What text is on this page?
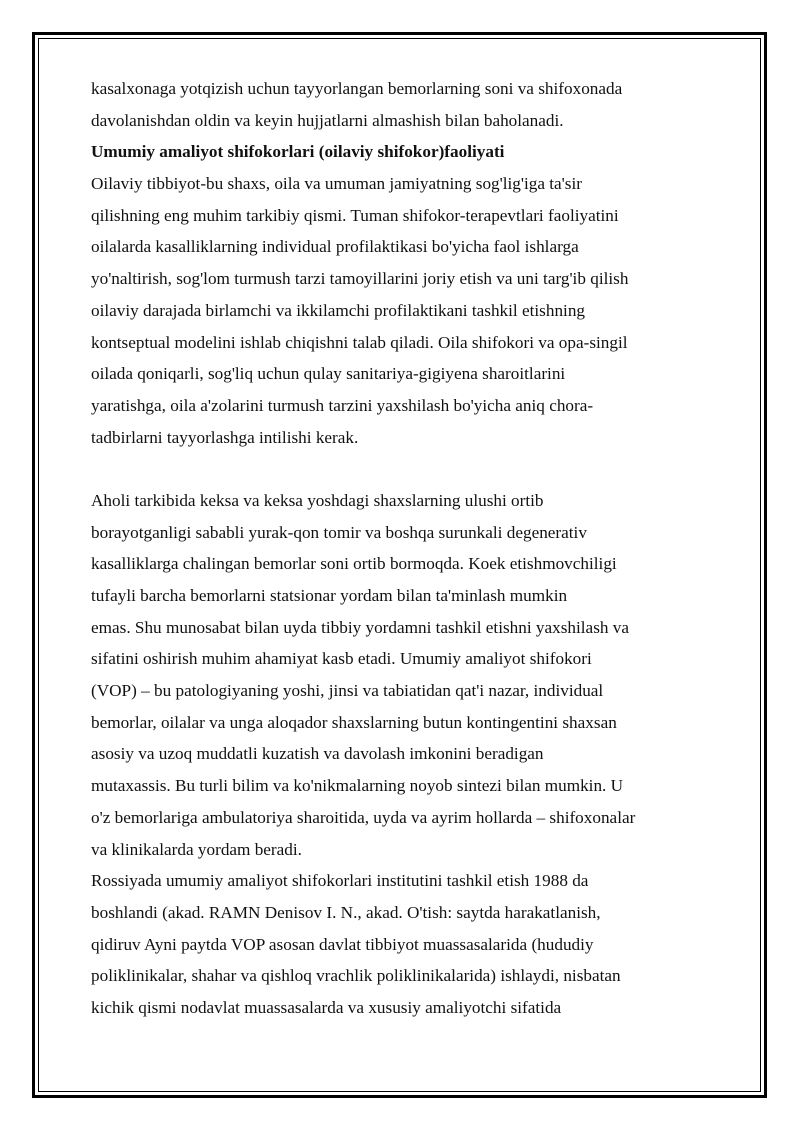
kasalxonaga yotqizish uchun tayyorlangan bemorlarning soni va shifoxonada
davolanishdan oldin va keyin hujjatlarni almashish bilan baholanadi.
Umumiy amaliyot shifokorlari (oilaviy shifokor)faoliyati
Oilaviy tibbiyot-bu shaxs, oila va umuman jamiyatning sog'lig'iga ta'sir
qilishning eng muhim tarkibiy qismi. Tuman shifokor-terapevtlari faoliyatini
oilalarda kasalliklarning individual profilaktikasi bo'yicha faol ishlarga
yo'naltirish, sog'lom turmush tarzi tamoyillarini joriy etish va uni targ'ib qilish
oilaviy darajada birlamchi va ikkilamchi profilaktikani tashkil etishning
kontseptual modelini ishlab chiqishni talab qiladi. Oila shifokori va opa-singil
oilada qoniqarli, sog'liq uchun qulay sanitariya-gigiyena sharoitlarini
yaratishga, oila a'zolarini turmush tarzini yaxshilash bo'yicha aniq chora-
tadbirlarni tayyorlashga intilishi kerak.
Aholi tarkibida keksa va keksa yoshdagi shaxslarning ulushi ortib
borayotganligi sababli yurak-qon tomir va boshqa surunkali degenerativ
kasalliklarga chalingan bemorlar soni ortib bormoqda. Koek etishmovchiligi
tufayli barcha bemorlarni statsionar yordam bilan ta'minlash mumkin
emas. Shu munosabat bilan uyda tibbiy yordamni tashkil etishni yaxshilash va
sifatini oshirish muhim ahamiyat kasb etadi. Umumiy amaliyot shifokori
(VOP) – bu patologiyaning yoshi, jinsi va tabiatidan qat'i nazar, individual
bemorlar, oilalar va unga aloqador shaxslarning butun kontingentini shaxsan
asosiy va uzoq muddatli kuzatish va davolash imkonini beradigan
mutaxassis. Bu turli bilim va ko'nikmalarning noyob sintezi bilan mumkin. U
o'z bemorlariga ambulatoriya sharoitida, uyda va ayrim hollarda – shifoxonalar
va klinikalarda yordam beradi.
Rossiyada umumiy amaliyot shifokorlari institutini tashkil etish 1988 da
boshlandi (akad. RAMN Denisov I. N., akad. O'tish: saytda harakatlanish,
qidiruv Ayni paytda VOP asosan davlat tibbiyot muassasalarida (hududiy
poliklinikalar, shahar va qishloq vrachlik poliklinikalarida) ishlaydi, nisbatan
kichik qismi nodavlat muassasalarda va xususiy amaliyotchi sifatida
